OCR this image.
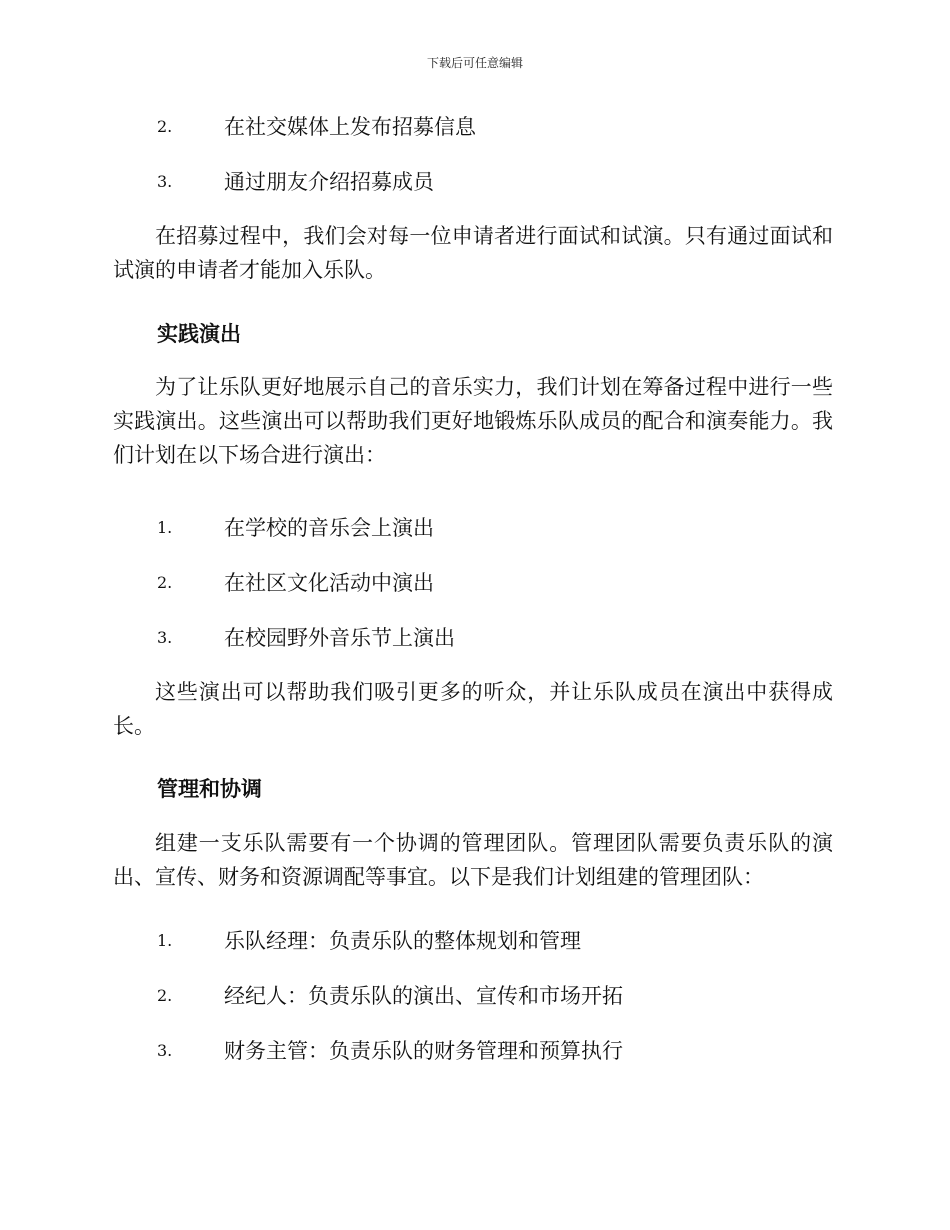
下载后可任意编辑
2. 在社交媒体上发布招募信息
3. 通过朋友介绍招募成员

在招募过程中，我们会对每一位申请者进行面试和试演。只有通过面试和试演的申请者才能加入乐队。

实践演出

为了让乐队更好地展示自己的音乐实力，我们计划在筹备过程中进行一些实践演出。这些演出可以帮助我们更好地锻炼乐队成员的配合和演奏能力。我们计划在以下场合进行演出：

1. 在学校的音乐会上演出
2. 在社区文化活动中演出
3. 在校园野外音乐节上演出

这些演出可以帮助我们吸引更多的听众，并让乐队成员在演出中获得成长。

管理和协调

组建一支乐队需要有一个协调的管理团队。管理团队需要负责乐队的演出、宣传、财务和资源调配等事宜。以下是我们计划组建的管理团队：

1. 乐队经理：负责乐队的整体规划和管理
2. 经纪人：负责乐队的演出、宣传和市场开拓
3. 财务主管：负责乐队的财务管理和预算执行
